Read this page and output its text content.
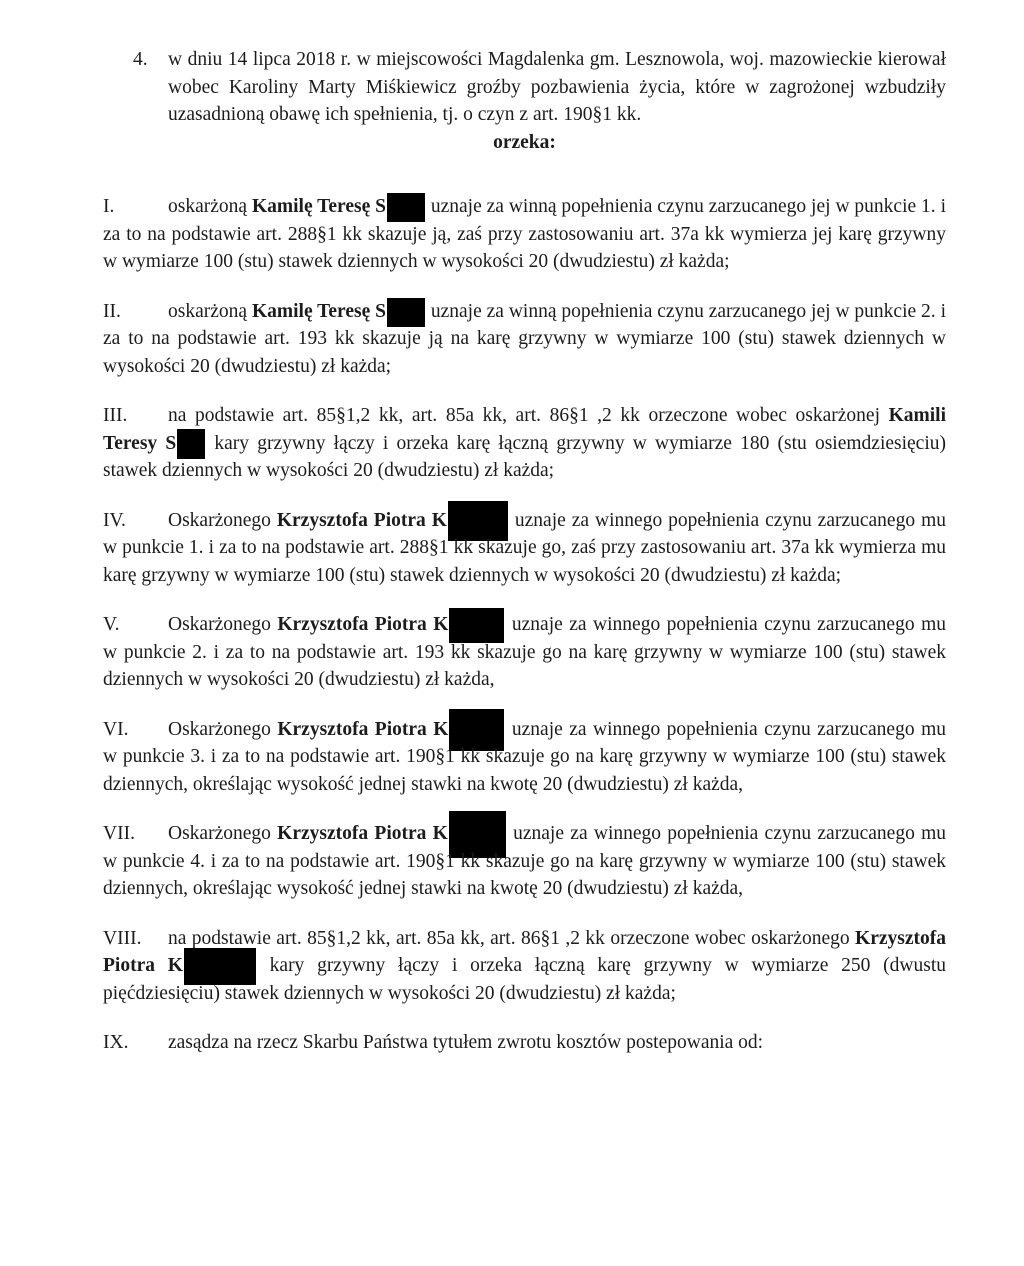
4. w dniu 14 lipca 2018 r. w miejscowości Magdalenka gm. Lesznowola, woj. mazowieckie kierował wobec Karoliny Marty Miśkiewicz groźby pozbawienia życia, które w zagrożonej wzbudziły uzasadnioną obawę ich spełnienia, tj. o czyn z art. 190§1 kk.
orzeka:

I.	oskarżoną Kamilę Teresę S uznaje za winną popełnienia czynu zarzucanego jej w punkcie 1. i za to na podstawie art. 288§1 kk skazuje ją, zaś przy zastosowaniu art. 37a kk wymierza jej karę grzywny w wymiarze 100 (stu) stawek dziennych w wysokości 20 (dwudziestu) zł każda;

II. oskarżoną Kamilę Teresę S uznaje za winną popełnienia czynu zarzucanego jej w punkcie 2. i za to na podstawie art. 193 kk skazuje ją na karę grzywny w wymiarze 100 (stu) stawek dziennych w wysokości 20 (dwudziestu) zł każda;

III. na podstawie art. 85§1,2 kk, art. 85a kk, art. 86§1 ,2 kk orzeczone wobec oskarżonej Kamili Teresy S kary grzywny łączy i orzeka karę łączną grzywny w wymiarze 180 (stu osiemdziesięciu) stawek dziennych w wysokości 20 (dwudziestu) zł każda;

IV. Oskarżonego Krzysztofa Piotra K	uznaje za winnego popełnienia czynu zarzucanego mu w punkcie 1. i za to na podstawie art. 288§1 kk skazuje go, zaś przy zastosowaniu art. 37a kk wymierza mu karę grzywny w wymiarze 100 (stu) stawek dziennych w wysokości 20 (dwudziestu) zł każda;

V. Oskarżonego Krzysztofa Piotra K	uznaje za winnego popełnienia czynu zarzucanego mu w punkcie 2. i za to na podstawie art. 193 kk skazuje go na karę grzywny w wymiarze 100 (stu) stawek dziennych w wysokości 20 (dwudziestu) zł każda,

VI. Oskarżonego Krzysztofa Piotra K	uznaje za winnego popełnienia czynu zarzucanego mu w punkcie 3. i za to na podstawie art. 190§1 kk skazuje go na karę grzywny w wymiarze 100 (stu) stawek dziennych, określając wysokość jednej stawki na kwotę 20 (dwudziestu) zł każda,

VII. Oskarżonego Krzysztofa Piotra K	uznaje za winnego popełnienia czynu zarzucanego mu w punkcie 4. i za to na podstawie art. 190§1 kk skazuje go na karę grzywny w wymiarze 100 (stu) stawek dziennych, określając wysokość jednej stawki na kwotę 20 (dwudziestu) zł każda,

VIII. na podstawie art. 85§1,2 kk, art. 85a kk, art. 86§1 ,2 kk orzeczone wobec oskarżonego Krzysztofa Piotra K	kary grzywny łączy i orzeka łączną karę grzywny w wymiarze 250 (dwustu pięćdziesięciu) stawek dziennych w wysokości 20 (dwudziestu) zł każda;

IX. zasądza na rzecz Skarbu Państwa tytułem zwrotu kosztów postepowania od:
